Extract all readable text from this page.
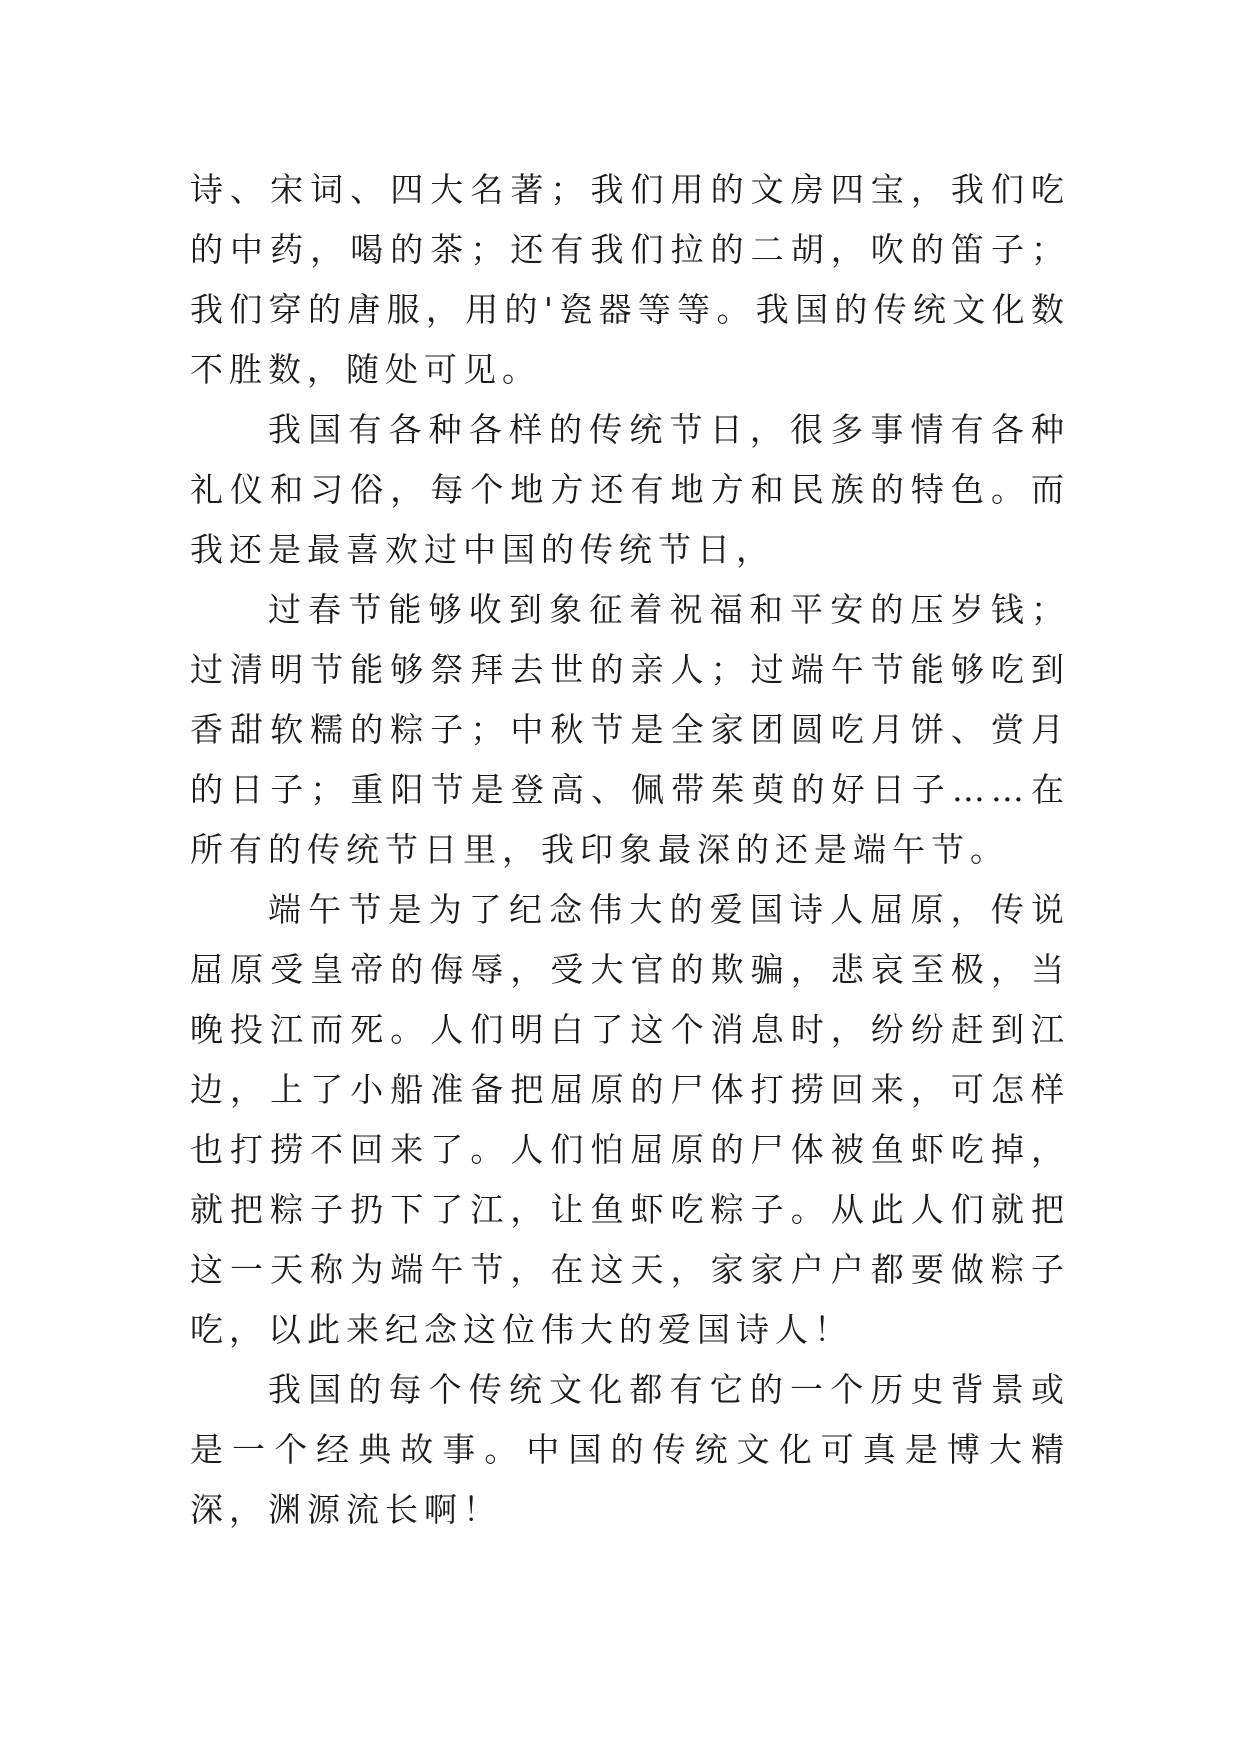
诗、宋词、四大名著；我们用的文房四宝，我们吃的中药，喝的茶；还有我们拉的二胡，吹的笛子；我们穿的唐服，用的'瓷器等等。我国的传统文化数不胜数，随处可见。

我国有各种各样的传统节日，很多事情有各种礼仪和习俗，每个地方还有地方和民族的特色。而我还是最喜欢过中国的传统节日，

过春节能够收到象征着祝福和平安的压岁钱；过清明节能够祭拜去世的亲人；过端午节能够吃到香甜软糯的粽子；中秋节是全家团圆吃月饼、赏月的日子；重阳节是登高、佩带茱萸的好日子……在所有的传统节日里，我印象最深的还是端午节。

端午节是为了纪念伟大的爱国诗人屈原，传说屈原受皇帝的侮辱，受大官的欺骗，悲哀至极，当晚投江而死。人们明白了这个消息时，纷纷赶到江边，上了小船准备把屈原的尸体打捞回来，可怎样也打捞不回来了。人们怕屈原的尸体被鱼虾吃掉，就把粽子扔下了江，让鱼虾吃粽子。从此人们就把这一天称为端午节，在这天，家家户户都要做粽子吃，以此来纪念这位伟大的爱国诗人！

我国的每个传统文化都有它的一个历史背景或是一个经典故事。中国的传统文化可真是博大精深，渊源流长啊！
